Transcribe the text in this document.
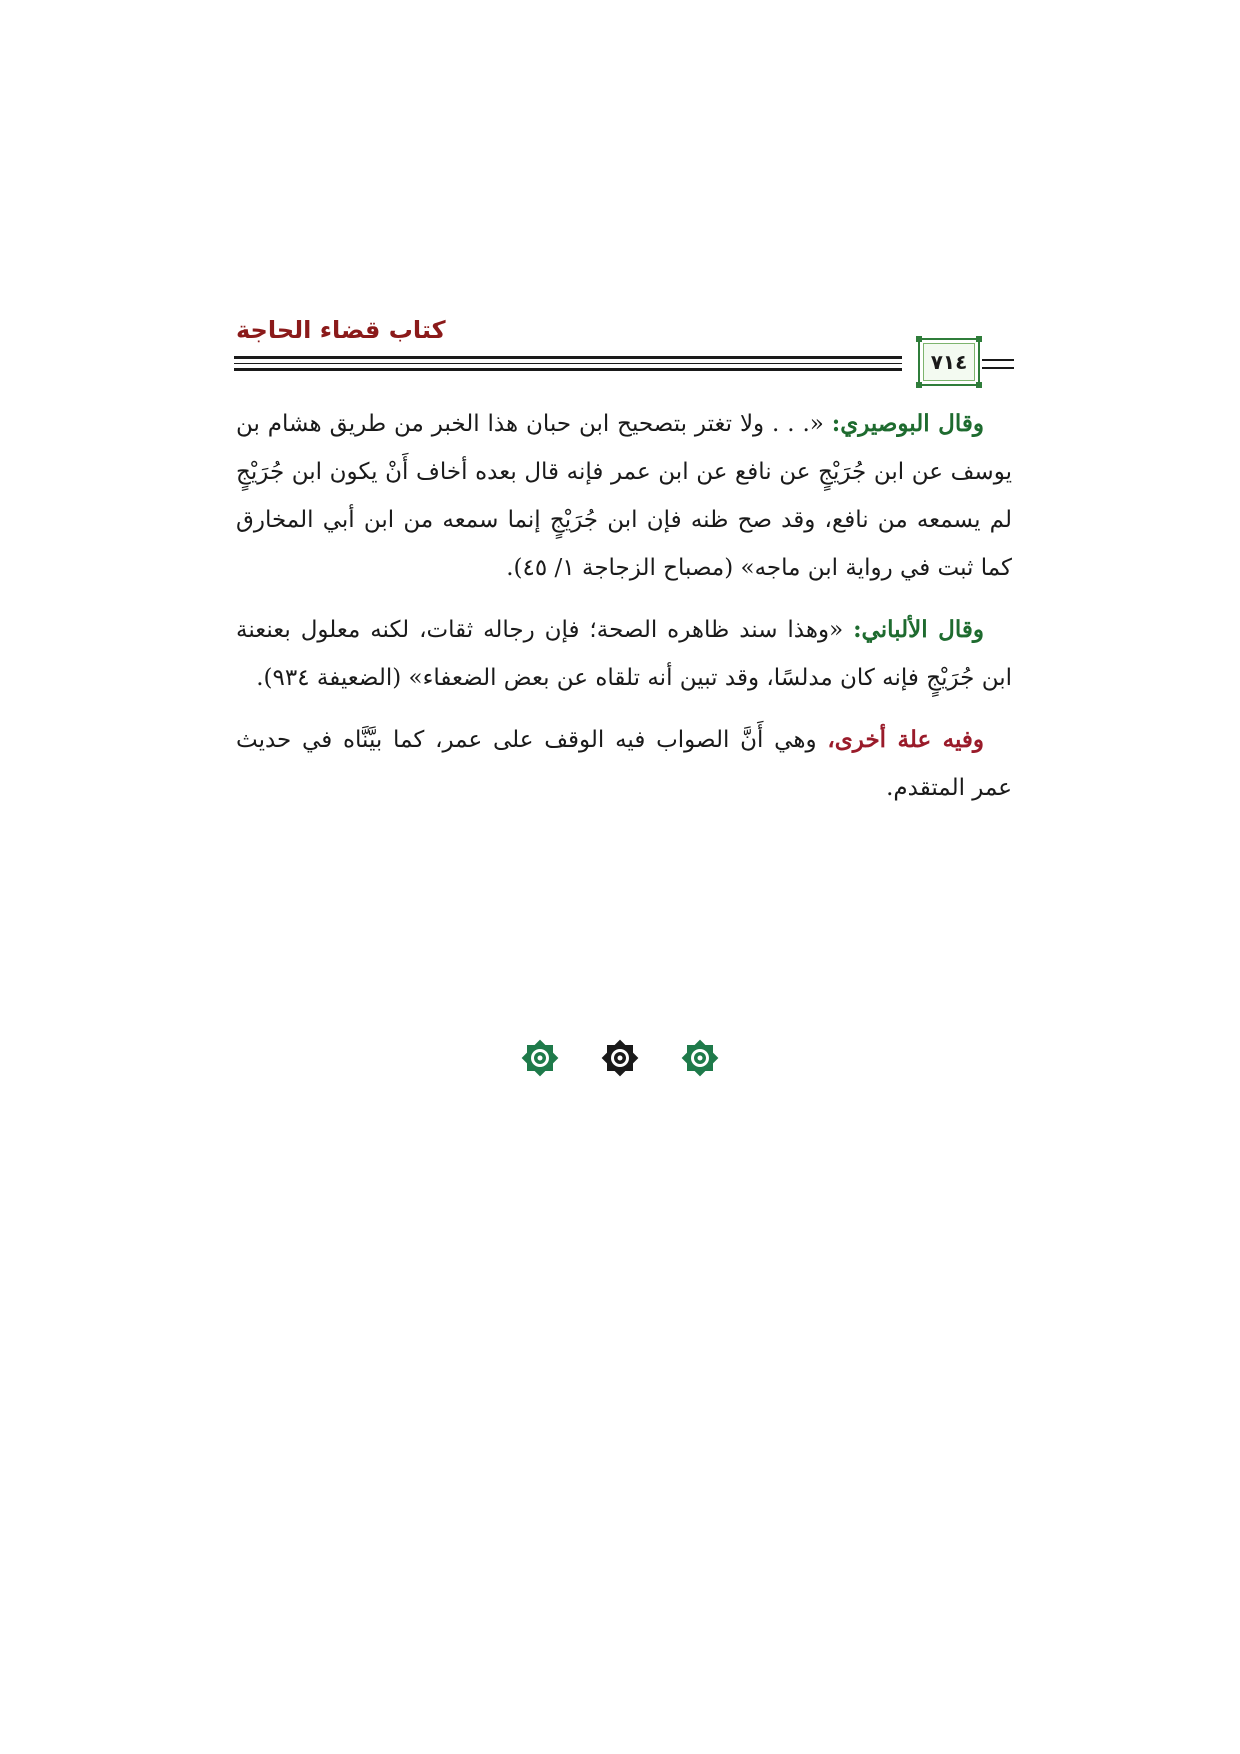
كتاب قضاء الحاجة
٧١٤

وقال البوصيري: «. . . ولا تغتر بتصحيح ابن حبان هذا الخبر من طريق هشام بن يوسف عن ابن جُرَيْجٍ عن نافع عن ابن عمر فإنه قال بعده أخاف أَنْ يكون ابن جُرَيْجٍ لم يسمعه من نافع، وقد صح ظنه فإن ابن جُرَيْجٍ إنما سمعه من ابن أبي المخارق كما ثبت في رواية ابن ماجه» (مصباح الزجاجة ١/ ٤٥).

وقال الألباني: «وهذا سند ظاهره الصحة؛ فإن رجاله ثقات، لكنه معلول بعنعنة ابن جُرَيْجٍ فإنه كان مدلسًا، وقد تبين أنه تلقاه عن بعض الضعفاء» (الضعيفة ٩٣٤).

وفيه علة أخرى، وهي أَنَّ الصواب فيه الوقف على عمر، كما بيَّنَّاه في حديث عمر المتقدم.
